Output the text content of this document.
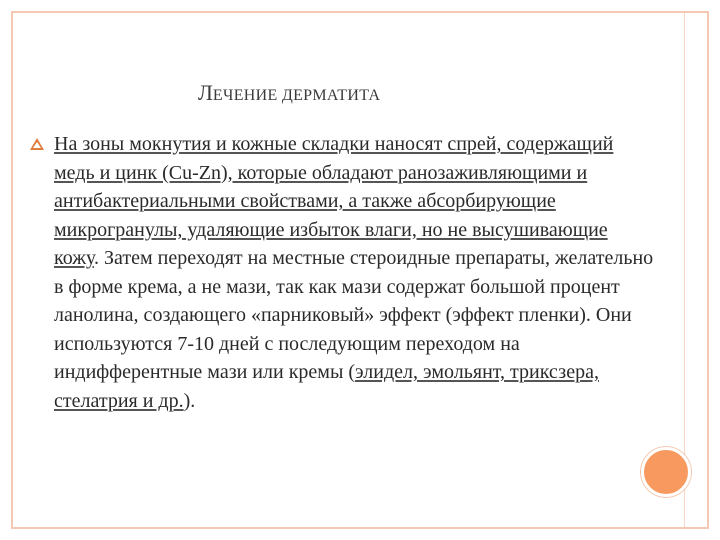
ЛЕЧЕНИЕ ДЕРМАТИТА

На зоны мокнутия и кожные складки наносят спрей, содержащий медь и цинк (Cu-Zn), которые обладают ранозаживляющими и антибактериальными свойствами, а также абсорбирующие микрогранулы, удаляющие избыток влаги, но не высушивающие кожу. Затем переходят на местные стероидные препараты, желательно в форме крема, а не мази, так как мази содержат большой процент ланолина, создающего «парниковый» эффект (эффект пленки). Они используются 7-10 дней с последующим переходом на индифферентные мази или кремы (элидел, эмольянт, триксзера, стелатрия и др.).
